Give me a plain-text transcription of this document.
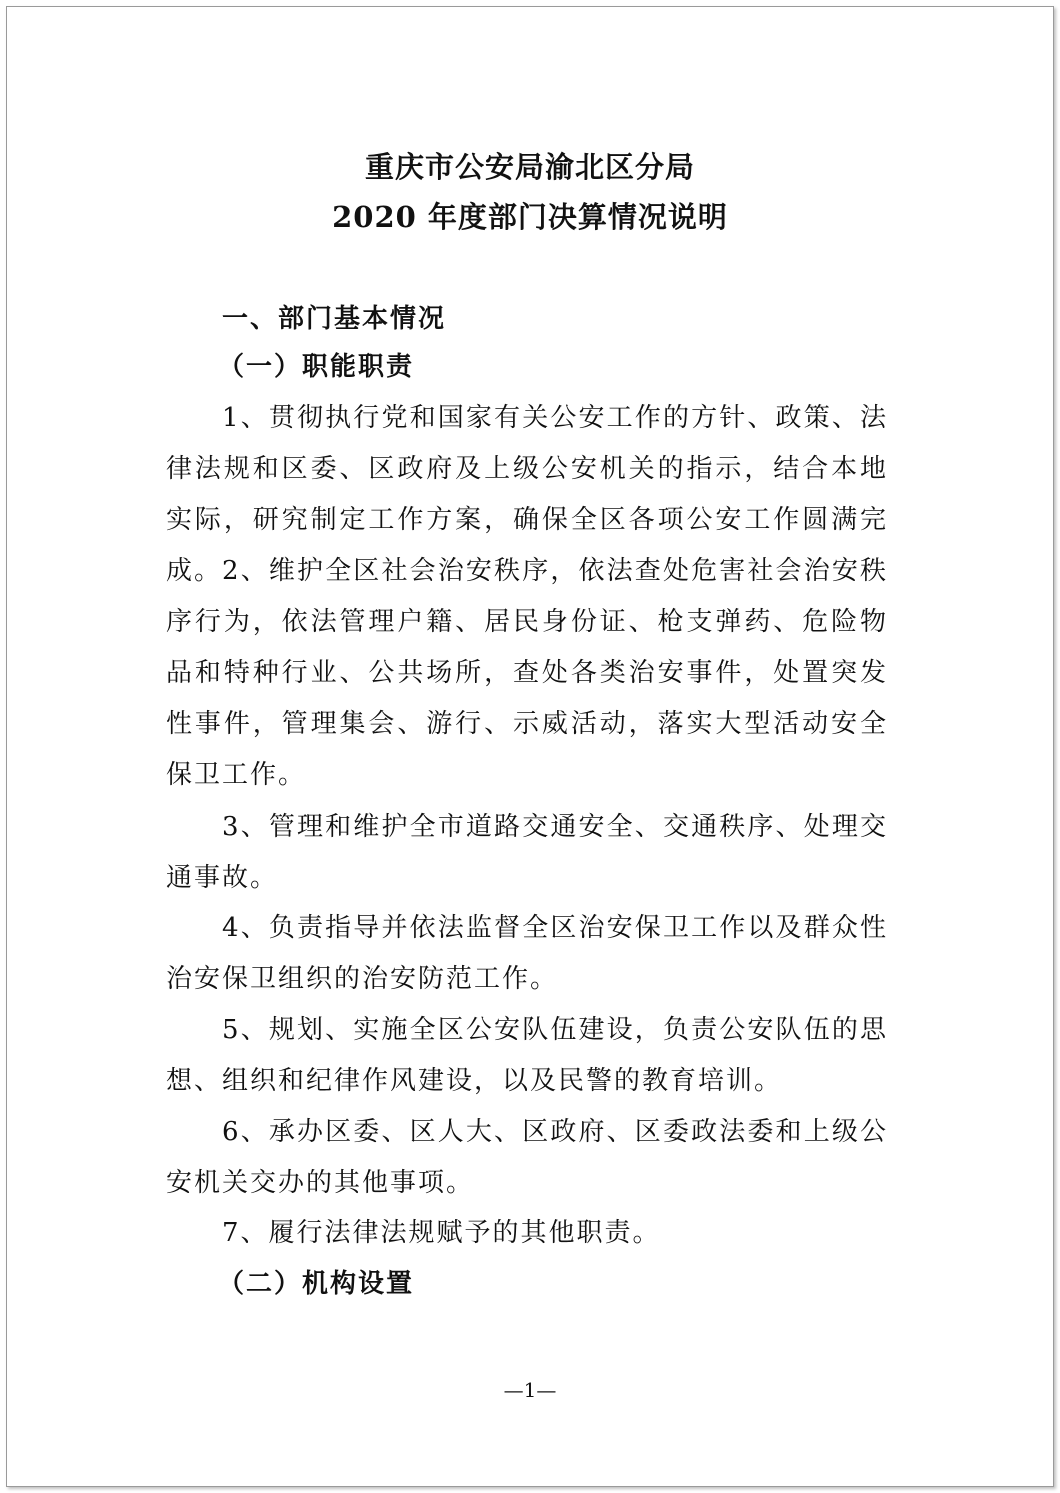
重庆市公安局渝北区分局
2020 年度部门决算情况说明
一、部门基本情况
（一）职能职责
1、贯彻执行党和国家有关公安工作的方针、政策、法律法规和区委、区政府及上级公安机关的指示，结合本地实际，研究制定工作方案，确保全区各项公安工作圆满完成。 2、维护全区社会治安秩序，依法查处危害社会治安秩序行为，依法管理户籍、居民身份证、枪支弹药、危险物品和特种行业、公共场所，查处各类治安事件，处置突发性事件，管理集会、游行、示威活动，落实大型活动安全保卫工作。
3、管理和维护全市道路交通安全、交通秩序、处理交通事故。
4、负责指导并依法监督全区治安保卫工作以及群众性治安保卫组织的治安防范工作。
5、规划、实施全区公安队伍建设，负责公安队伍的思想、组织和纪律作风建设，以及民警的教育培训。
6、承办区委、区人大、区政府、区委政法委和上级公安机关交办的其他事项。
7、履行法律法规赋予的其他职责。
（二）机构设置
—1—
